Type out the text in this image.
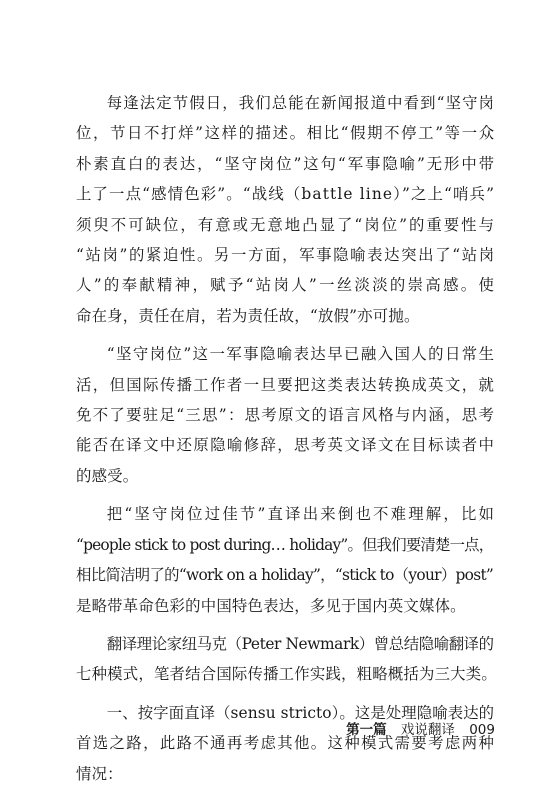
每逢法定节假日，我们总能在新闻报道中看到“坚守岗
位，节日不打烊”这样的描述。相比“假期不停工”等一众
朴素直白的表达，“坚守岗位”这句“军事隐喻”无形中带
上了一点“感情色彩”。“战线（battle line）”之上“哨兵”
须臾不可缺位，有意或无意地凸显了“岗位”的重要性与
“站岗”的紧迫性。另一方面，军事隐喻表达突出了“站岗
人”的奉献精神，赋予“站岗人”一丝淡淡的崇高感。使
命在身，责任在肩，若为责任故，“放假”亦可抛。

“坚守岗位”这一军事隐喻表达早已融入国人的日常生
活，但国际传播工作者一旦要把这类表达转换成英文，就
免不了要驻足“三思”：思考原文的语言风格与内涵，思考
能否在译文中还原隐喻修辞，思考英文译文在目标读者中
的感受。

把“坚守岗位过佳节”直译出来倒也不难理解，比如
“people stick to post during… holiday”。但我们要清楚一点，
相比简洁明了的“work on a holiday”，“stick to（your）post”
是略带革命色彩的中国特色表达，多见于国内英文媒体。

翻译理论家纽马克（Peter Newmark）曾总结隐喻翻译的
七种模式，笔者结合国际传播工作实践，粗略概括为三大类。

一、按字面直译（sensu stricto）。这是处理隐喻表达的
首选之路，此路不通再考虑其他。这种模式需要考虑两种
情况：

第一篇 戏说翻译 009
